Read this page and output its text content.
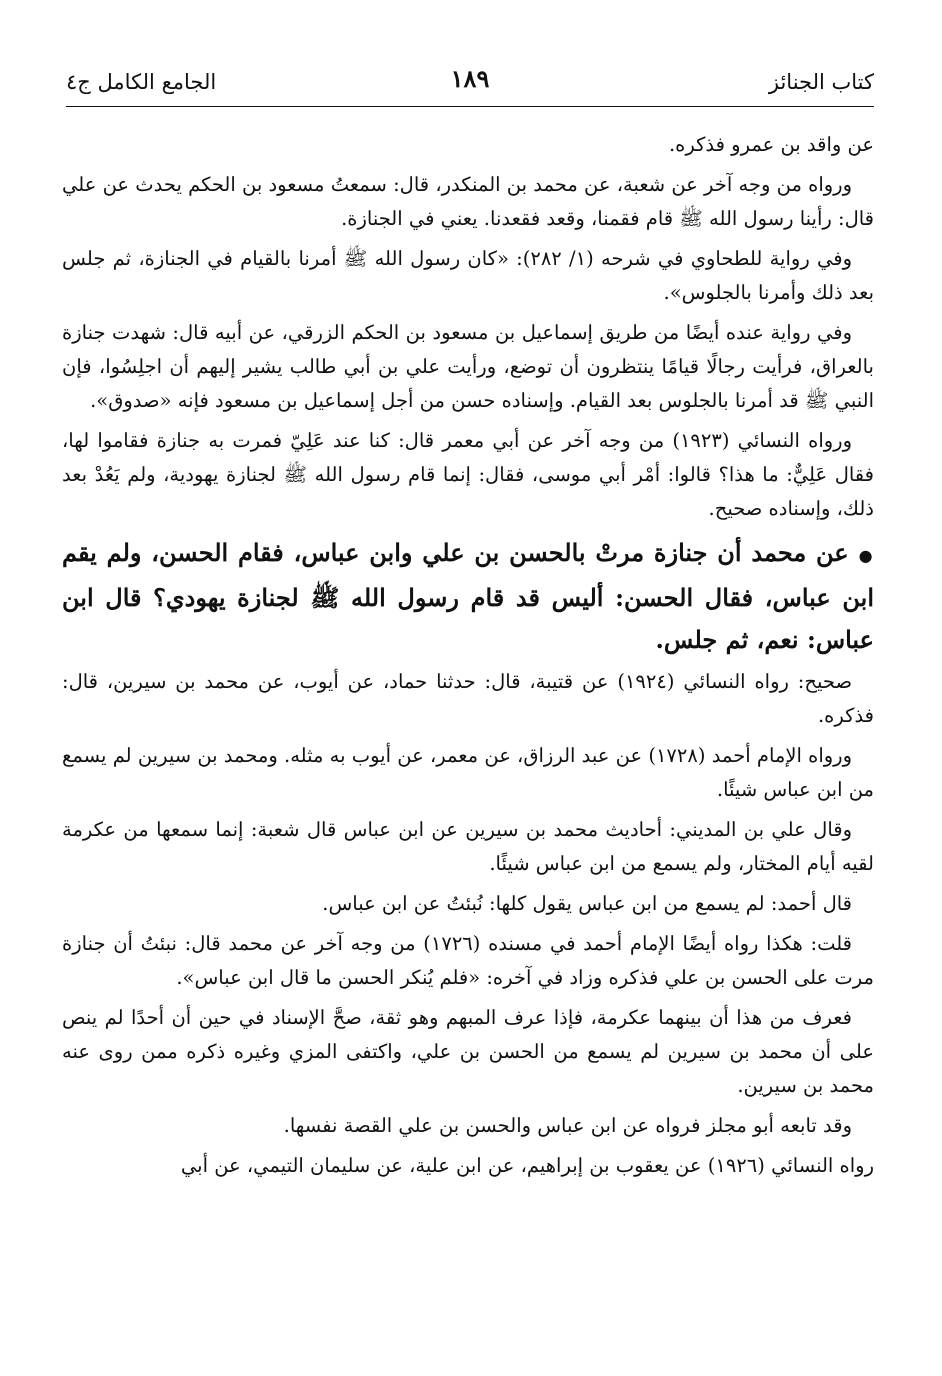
كتاب الجنائز
١٨٩
الجامع الكامل ج٤

عن واقد بن عمرو فذكره.

ورواه من وجه آخر عن شعبة، عن محمد بن المنكدر، قال: سمعتُ مسعود بن الحكم يحدث عن علي قال: رأينا رسول الله ﷺ قام فقمنا، وقعد فقعدنا. يعني في الجنازة.

وفي رواية للطحاوي في شرحه (١/ ٢٨٢): «كان رسول الله ﷺ أمرنا بالقيام في الجنازة، ثم جلس بعد ذلك وأمرنا بالجلوس».

وفي رواية عنده أيضًا من طريق إسماعيل بن مسعود بن الحكم الزرقي، عن أبيه قال: شهدت جنازة بالعراق، فرأيت رجالًا قيامًا ينتظرون أن توضع، ورأيت علي بن أبي طالب يشير إليهم أن اجلِسُوا، فإن النبي ﷺ قد أمرنا بالجلوس بعد القيام. وإسناده حسن من أجل إسماعيل بن مسعود فإنه «صدوق».

ورواه النسائي (١٩٢٣) من وجه آخر عن أبي معمر قال: كنا عند عَلِيّ فمرت به جنازة فقاموا لها، فقال عَلِيٌّ: ما هذا؟ قالوا: أمْر أبي موسى، فقال: إنما قام رسول الله ﷺ لجنازة يهودية، ولم يَعُدْ بعد ذلك، وإسناده صحيح.

●عن محمد أن جنازة مرتْ بالحسن بن علي وابن عباس، فقام الحسن، ولم يقم ابن عباس، فقال الحسن: أليس قد قام رسول الله ﷺ لجنازة يهودي؟ قال ابن عباس: نعم، ثم جلس.

صحيح: رواه النسائي (١٩٢٤) عن قتيبة، قال: حدثنا حماد، عن أيوب، عن محمد بن سيرين، قال: فذكره.

ورواه الإمام أحمد (١٧٢٨) عن عبد الرزاق، عن معمر، عن أيوب به مثله. ومحمد بن سيرين لم يسمع من ابن عباس شيئًا.

وقال علي بن المديني: أحاديث محمد بن سيرين عن ابن عباس قال شعبة: إنما سمعها من عكرمة لقيه أيام المختار، ولم يسمع من ابن عباس شيئًا.

قال أحمد: لم يسمع من ابن عباس يقول كلها: نُبئتُ عن ابن عباس.

قلت: هكذا رواه أيضًا الإمام أحمد في مسنده (١٧٢٦) من وجه آخر عن محمد قال: نبئتُ أن جنازة مرت على الحسن بن علي فذكره وزاد في آخره: «فلم يُنكر الحسن ما قال ابن عباس».

فعرف من هذا أن بينهما عكرمة، فإذا عرف المبهم وهو ثقة، صحَّ الإسناد في حين أن أحدًا لم ينص على أن محمد بن سيرين لم يسمع من الحسن بن علي، واكتفى المزي وغيره ذكره ممن روى عنه محمد بن سيرين.

وقد تابعه أبو مجلز فرواه عن ابن عباس والحسن بن علي القصة نفسها.

رواه النسائي (١٩٢٦) عن يعقوب بن إبراهيم، عن ابن علية، عن سليمان التيمي، عن أبي
